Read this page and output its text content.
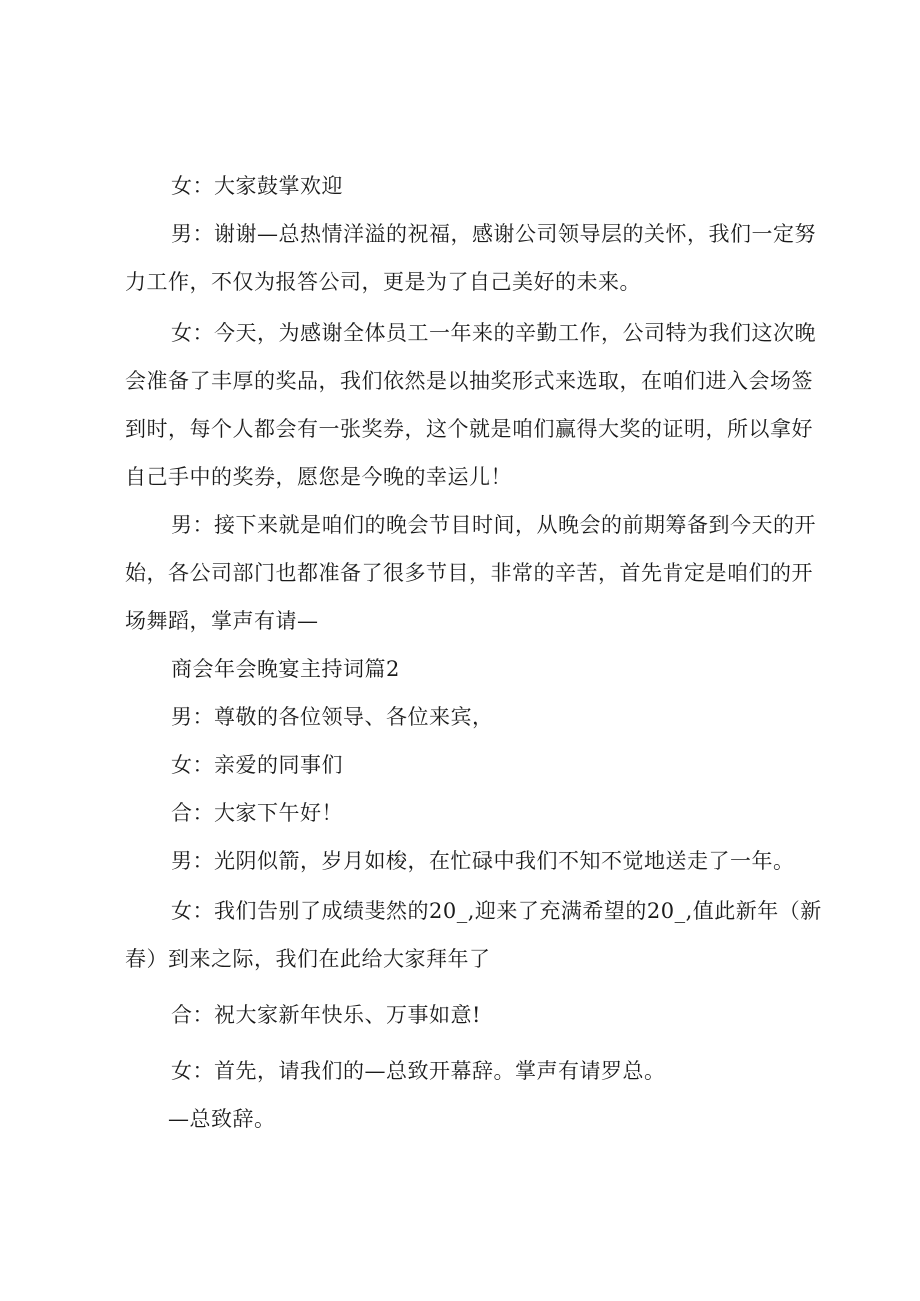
女：大家鼓掌欢迎

男：谢谢—总热情洋溢的祝福，感谢公司领导层的关怀，我们一定努力工作，不仅为报答公司，更是为了自己美好的未来。

女：今天，为感谢全体员工一年来的辛勤工作，公司特为我们这次晚会准备了丰厚的奖品，我们依然是以抽奖形式来选取，在咱们进入会场签到时，每个人都会有一张奖券，这个就是咱们赢得大奖的证明，所以拿好自己手中的奖券，愿您是今晚的幸运儿！

男：接下来就是咱们的晚会节目时间，从晚会的前期筹备到今天的开始，各公司部门也都准备了很多节目，非常的辛苦，首先肯定是咱们的开场舞蹈，掌声有请—

商会年会晚宴主持词篇2

男：尊敬的各位领导、各位来宾，

女：亲爱的同事们

合：大家下午好！

男：光阴似箭，岁月如梭，在忙碌中我们不知不觉地送走了一年。

女：我们告别了成绩斐然的20_,迎来了充满希望的20_,值此新年（新春）到来之际，我们在此给大家拜年了

合：祝大家新年快乐、万事如意!

女：首先，请我们的—总致开幕辞。掌声有请罗总。

—总致辞。
